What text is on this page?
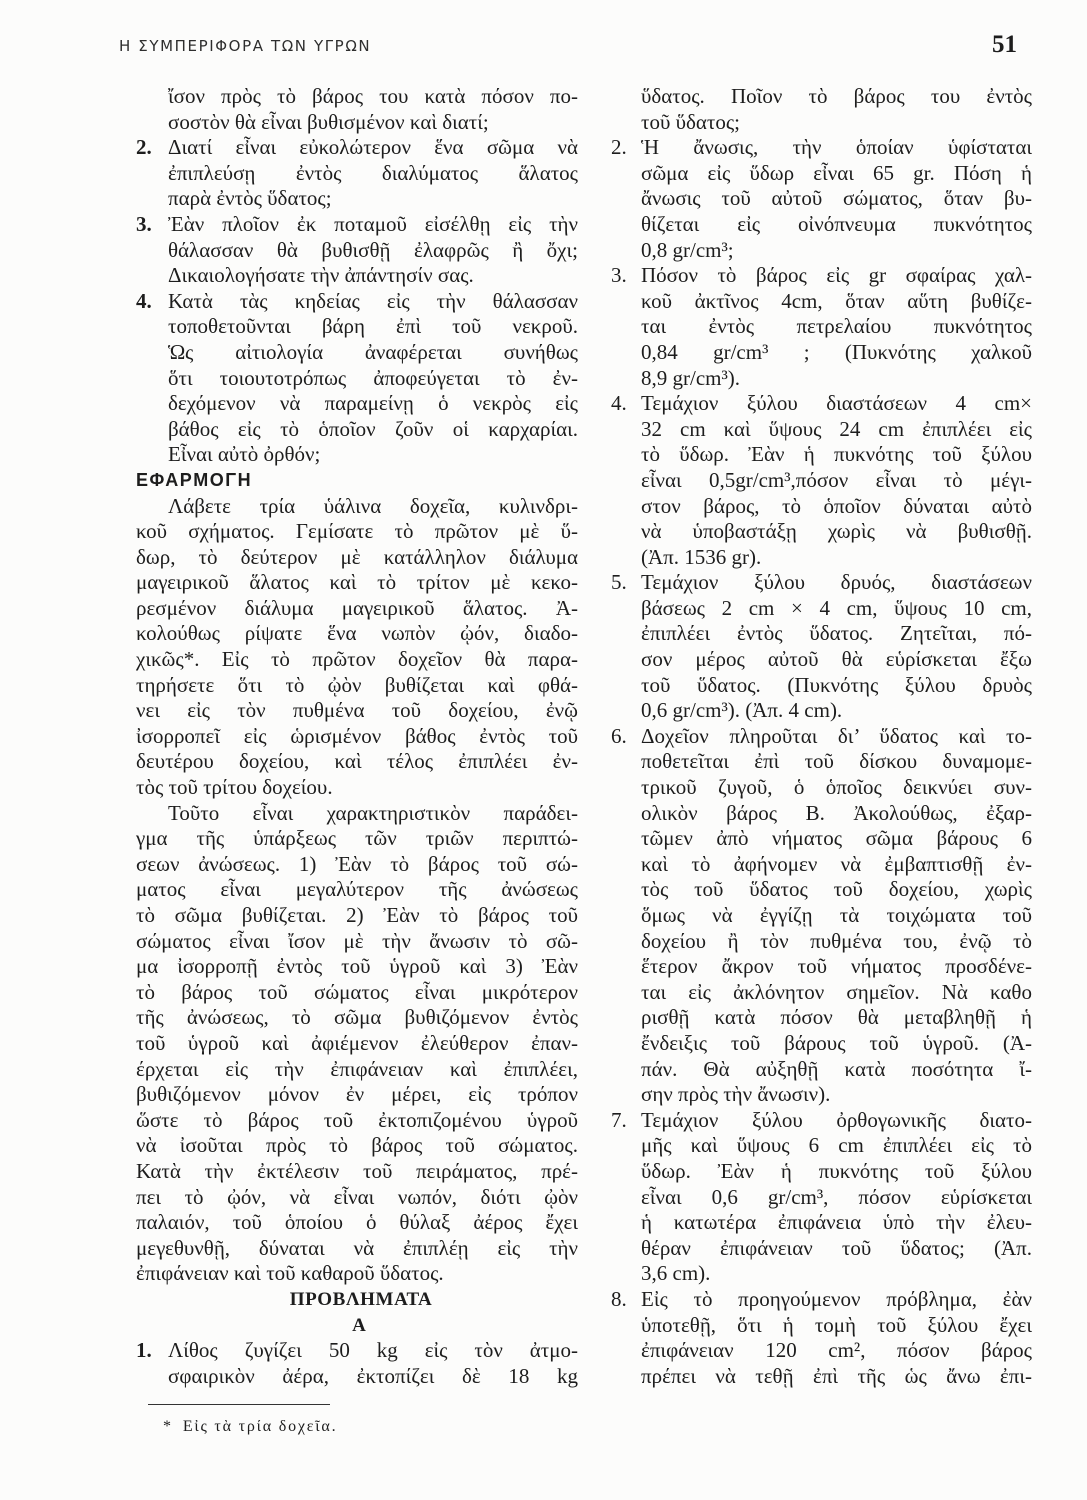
Η ΣΥΜΠΕΡΙΦΟΡΑ ΤΩΝ ΥΓΡΩΝ	51
ἴσον πρὸς τὸ βάρος του κατὰ πόσον πο-
σοστὸν θὰ εἶναι βυθισμένον καὶ διατί;
2. Διατί εἶναι εὐκολώτερον ἕνα σῶμα νὰ
ἐπιπλεύσῃ ἐντὸς διαλύματος ἅλατος
παρὰ ἐντὸς ὕδατος;
3. Ἐὰν πλοῖον ἐκ ποταμοῦ εἰσέλθῃ εἰς τὴν
θάλασσαν θὰ βυθισθῇ ἐλαφρῶς ἢ ὄχι;
Δικαιολογήσατε τὴν ἀπάντησίν σας.
4. Κατὰ τὰς κηδείας εἰς τὴν θάλασσαν
τοποθετοῦνται βάρη ἐπὶ τοῦ νεκροῦ.
Ὡς αἰτιολογία ἀναφέρεται συνήθως
ὅτι τοιουτοτρόπως ἀποφεύγεται τὸ ἐν-
δεχόμενον νὰ παραμείνῃ ὁ νεκρὸς εἰς
βάθος εἰς τὸ ὁποῖον ζοῦν οἱ καρχαρίαι.
Εἶναι αὐτὸ ὀρθόν;
ΕΦΑΡΜΟΓΗ
Λάβετε τρία ὑάλινα δοχεῖα, κυλινδρι-
κοῦ σχήματος. Γεμίσατε τὸ πρῶτον μὲ ὕ-
δωρ, τὸ δεύτερον μὲ κατάλληλον διάλυμα
μαγειρικοῦ ἅλατος καὶ τὸ τρίτον μὲ κεκο-
ρεσμένον διάλυμα μαγειρικοῦ ἅλατος. Ἀ-
κολούθως ρίψατε ἕνα νωπὸν ᾠόν, διαδο-
χικῶς*. Εἰς τὸ πρῶτον δοχεῖον θὰ παρα-
τηρήσετε ὅτι τὸ ᾠὸν βυθίζεται καὶ φθά-
νει εἰς τὸν πυθμένα τοῦ δοχείου, ἐνῷ
ἰσορροπεῖ εἰς ὡρισμένον βάθος ἐντὸς τοῦ
δευτέρου δοχείου, καὶ τέλος ἐπιπλέει ἐν-
τὸς τοῦ τρίτου δοχείου.
Τοῦτο εἶναι χαρακτηριστικὸν παράδει-
γμα τῆς ὑπάρξεως τῶν τριῶν περιπτώ-
σεων ἀνώσεως. 1) Ἐὰν τὸ βάρος τοῦ σώ-
ματος εἶναι μεγαλύτερον τῆς ἀνώσεως
τὸ σῶμα βυθίζεται. 2) Ἐὰν τὸ βάρος τοῦ
σώματος εἶναι ἴσον μὲ τὴν ἄνωσιν τὸ σῶ-
μα ἰσορροπῇ ἐντὸς τοῦ ὑγροῦ καὶ 3) Ἐὰν
τὸ βάρος τοῦ σώματος εἶναι μικρότερον
τῆς ἀνώσεως, τὸ σῶμα βυθιζόμενον ἐντὸς
τοῦ ὑγροῦ καὶ ἀφιέμενον ἐλεύθερον ἐπαν-
έρχεται εἰς τὴν ἐπιφάνειαν καὶ ἐπιπλέει,
βυθιζόμενον μόνον ἐν μέρει, εἰς τρόπον
ὥστε τὸ βάρος τοῦ ἐκτοπιζομένου ὑγροῦ
νὰ ἰσοῦται πρὸς τὸ βάρος τοῦ σώματος.
Κατὰ τὴν ἐκτέλεσιν τοῦ πειράματος, πρέ-
πει τὸ ᾠόν, νὰ εἶναι νωπόν, διότι ᾠὸν
παλαιόν, τοῦ ὁποίου ὁ θύλαξ ἀέρος ἔχει
μεγεθυνθῇ, δύναται νὰ ἐπιπλέῃ εἰς τὴν
ἐπιφάνειαν καὶ τοῦ καθαροῦ ὕδατος.
ΠΡΟΒΛΗΜΑΤΑ
Α
1. Λίθος ζυγίζει 50 kg εἰς τὸν ἀτμο-
σφαιρικὸν ἀέρα, ἐκτοπίζει δὲ 18 kg
ὕδατος. Ποῖον τὸ βάρος του ἐντὸς
τοῦ ὕδατος;
2. Ἡ ἄνωσις, τὴν ὁποίαν ὑφίσταται
σῶμα εἰς ὕδωρ εἶναι 65 gr. Πόση ἡ
ἄνωσις τοῦ αὐτοῦ σώματος, ὅταν βυ-
θίζεται εἰς οἰνόπνευμα πυκνότητος
0,8 gr/cm³;
3. Πόσον τὸ βάρος εἰς gr σφαίρας χαλ-
κοῦ ἀκτῖνος 4cm, ὅταν αὕτη βυθίζε-
ται ἐντὸς πετρελαίου πυκνότητος
0,84 gr/cm³ ; (Πυκνότης χαλκοῦ
8,9 gr/cm³).
4. Τεμάχιον ξύλου διαστάσεων 4 cm×
32 cm καὶ ὕψους 24 cm ἐπιπλέει εἰς
τὸ ὕδωρ. Ἐὰν ἡ πυκνότης τοῦ ξύλου
εἶναι 0,5gr/cm³,πόσον εἶναι τὸ μέγι-
στον βάρος, τὸ ὁποῖον δύναται αὐτὸ
νὰ ὑποβαστάξῃ χωρὶς νὰ βυθισθῇ.
(Ἀπ. 1536 gr).
5. Τεμάχιον ξύλου δρυός, διαστάσεων
βάσεως 2 cm × 4 cm, ὕψους 10 cm,
ἐπιπλέει ἐντὸς ὕδατος. Ζητεῖται, πό-
σον μέρος αὐτοῦ θὰ εὑρίσκεται ἔξω
τοῦ ὕδατος. (Πυκνότης ξύλου δρυὸς
0,6 gr/cm³). (Ἀπ. 4 cm).
6. Δοχεῖον πληροῦται δι’ ὕδατος καὶ το-
ποθετεῖται ἐπὶ τοῦ δίσκου δυναμομε-
τρικοῦ ζυγοῦ, ὁ ὁποῖος δεικνύει συν-
ολικὸν βάρος Β. Ἀκολούθως, ἐξαρ-
τῶμεν ἀπὸ νήματος σῶμα βάρους 6
καὶ τὸ ἀφήνομεν νὰ ἐμβαπτισθῇ ἐν-
τὸς τοῦ ὕδατος τοῦ δοχείου, χωρὶς
ὅμως νὰ ἐγγίζῃ τὰ τοιχώματα τοῦ
δοχείου ἢ τὸν πυθμένα του, ἐνῷ τὸ
ἕτερον ἄκρον τοῦ νήματος προσδένε-
ται εἰς ἀκλόνητον σημεῖον. Νὰ καθο
ρισθῇ κατὰ πόσον θὰ μεταβληθῇ ἡ
ἔνδειξις τοῦ βάρους τοῦ ὑγροῦ. (Ἀ-
πάν. Θὰ αὐξηθῇ κατὰ ποσότητα ἴ-
σην πρὸς τὴν ἄνωσιν).
7. Τεμάχιον ξύλου ὀρθογωνικῆς διατο-
μῆς καὶ ὕψους 6 cm ἐπιπλέει εἰς τὸ
ὕδωρ. Ἐὰν ἡ πυκνότης τοῦ ξύλου
εἶναι 0,6 gr/cm³, πόσον εὑρίσκεται
ἡ κατωτέρα ἐπιφάνεια ὑπὸ τὴν ἐλευ-
θέραν ἐπιφάνειαν τοῦ ὕδατος; (Ἀπ.
3,6 cm).
8. Εἰς τὸ προηγούμενον πρόβλημα, ἐὰν
ὑποτεθῇ, ὅτι ἡ τομὴ τοῦ ξύλου ἔχει
ἐπιφάνειαν 120 cm², πόσον βάρος
πρέπει νὰ τεθῇ ἐπὶ τῆς ὡς ἄνω ἐπι-
* Εἰς τὰ τρία δοχεῖα.
